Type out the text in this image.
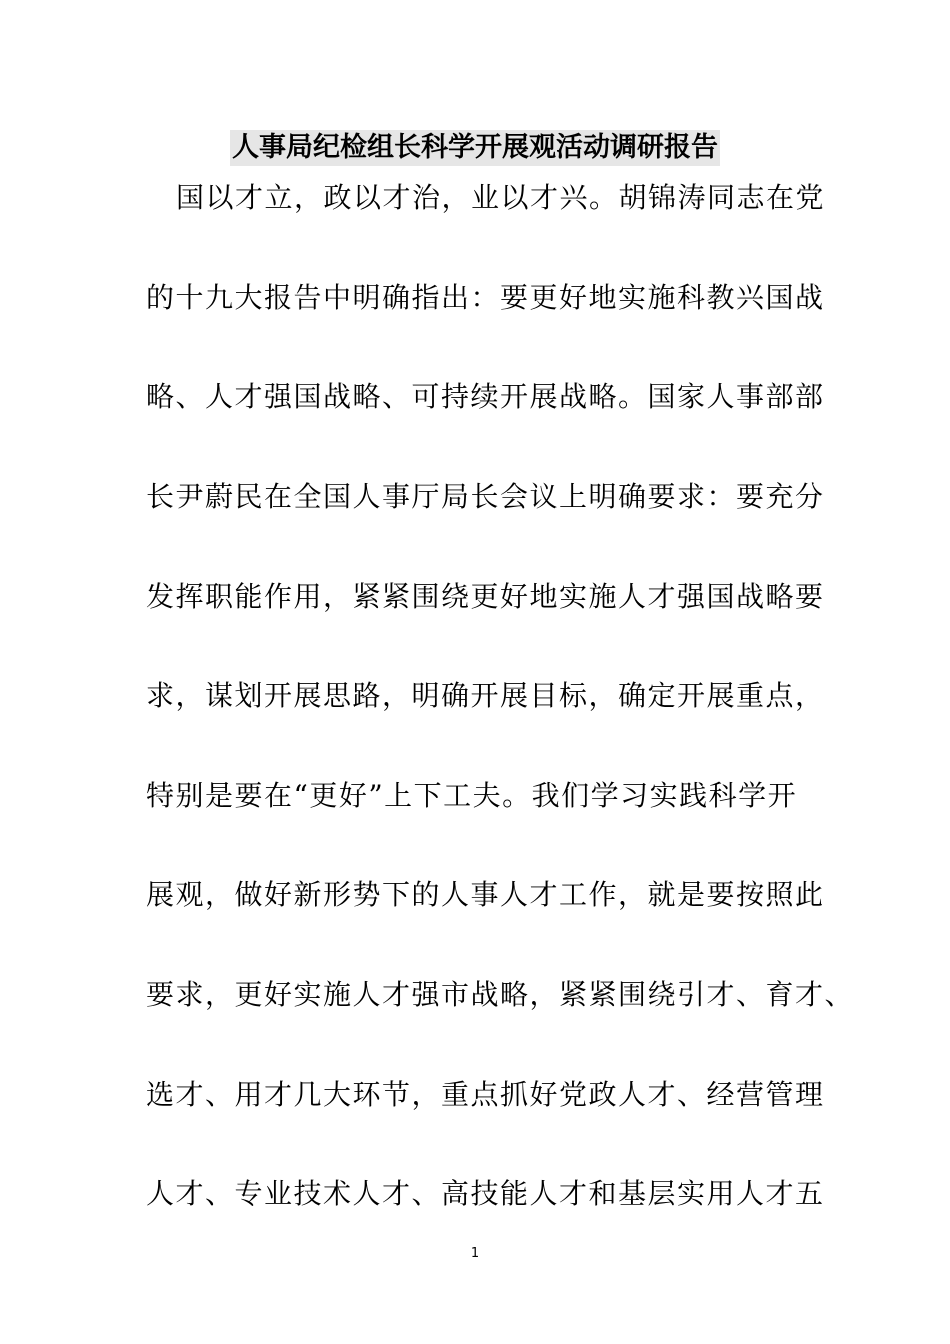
人事局纪检组长科学开展观活动调研报告
国以才立，政以才治，业以才兴。胡锦涛同志在党
的十九大报告中明确指出：要更好地实施科教兴国战
略、人才强国战略、可持续开展战略。国家人事部部
长尹蔚民在全国人事厅局长会议上明确要求：要充分
发挥职能作用，紧紧围绕更好地实施人才强国战略要
求，谋划开展思路，明确开展目标，确定开展重点，
特别是要在“更好”上下工夫。我们学习实践科学开
展观，做好新形势下的人事人才工作，就是要按照此
要求，更好实施人才强市战略，紧紧围绕引才、育才、
选才、用才几大环节，重点抓好党政人才、经营管理
人才、专业技术人才、高技能人才和基层实用人才五
1
